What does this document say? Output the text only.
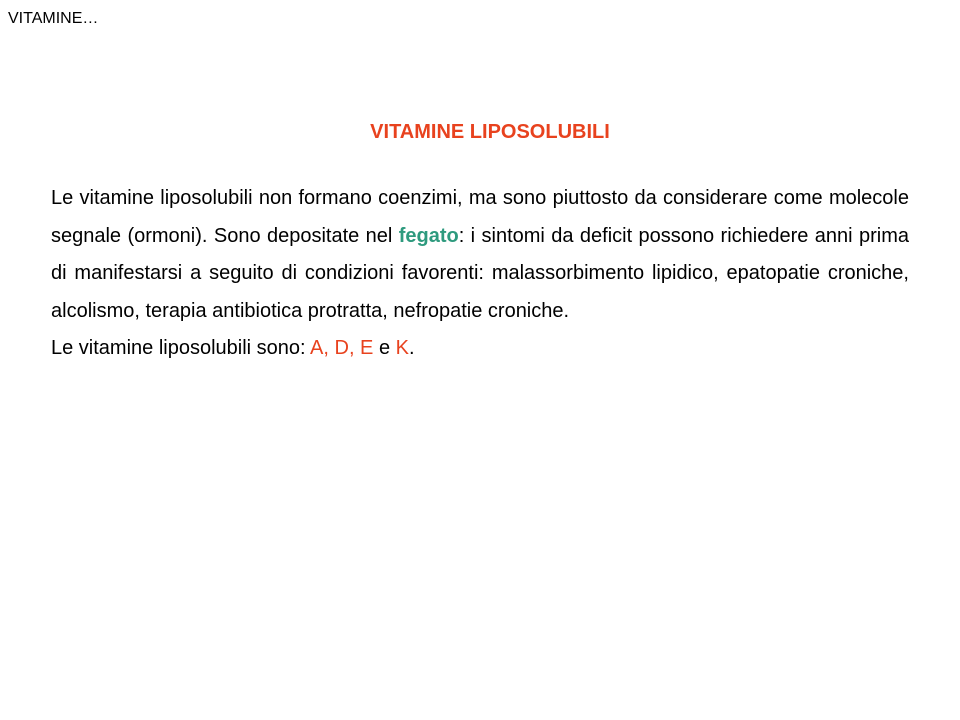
VITAMINE…
VITAMINE LIPOSOLUBILI

Le vitamine liposolubili non formano coenzimi, ma sono piuttosto da considerare come molecole segnale (ormoni). Sono depositate nel fegato: i sintomi da deficit possono richiedere anni prima di manifestarsi a seguito di condizioni favorenti: malassorbimento lipidico, epatopatie croniche, alcolismo, terapia antibiotica protratta, nefropatie croniche.

Le vitamine liposolubili sono: A, D, E e K.
